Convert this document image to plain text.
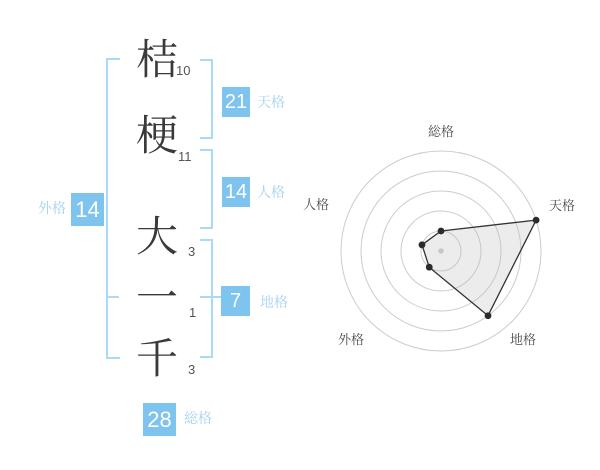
桔
10
梗 11
大 3
一 1
千 3
21 天格
14 人格
7	地格
外格 14
28 総格
総格
天格
地格
外格
人格
